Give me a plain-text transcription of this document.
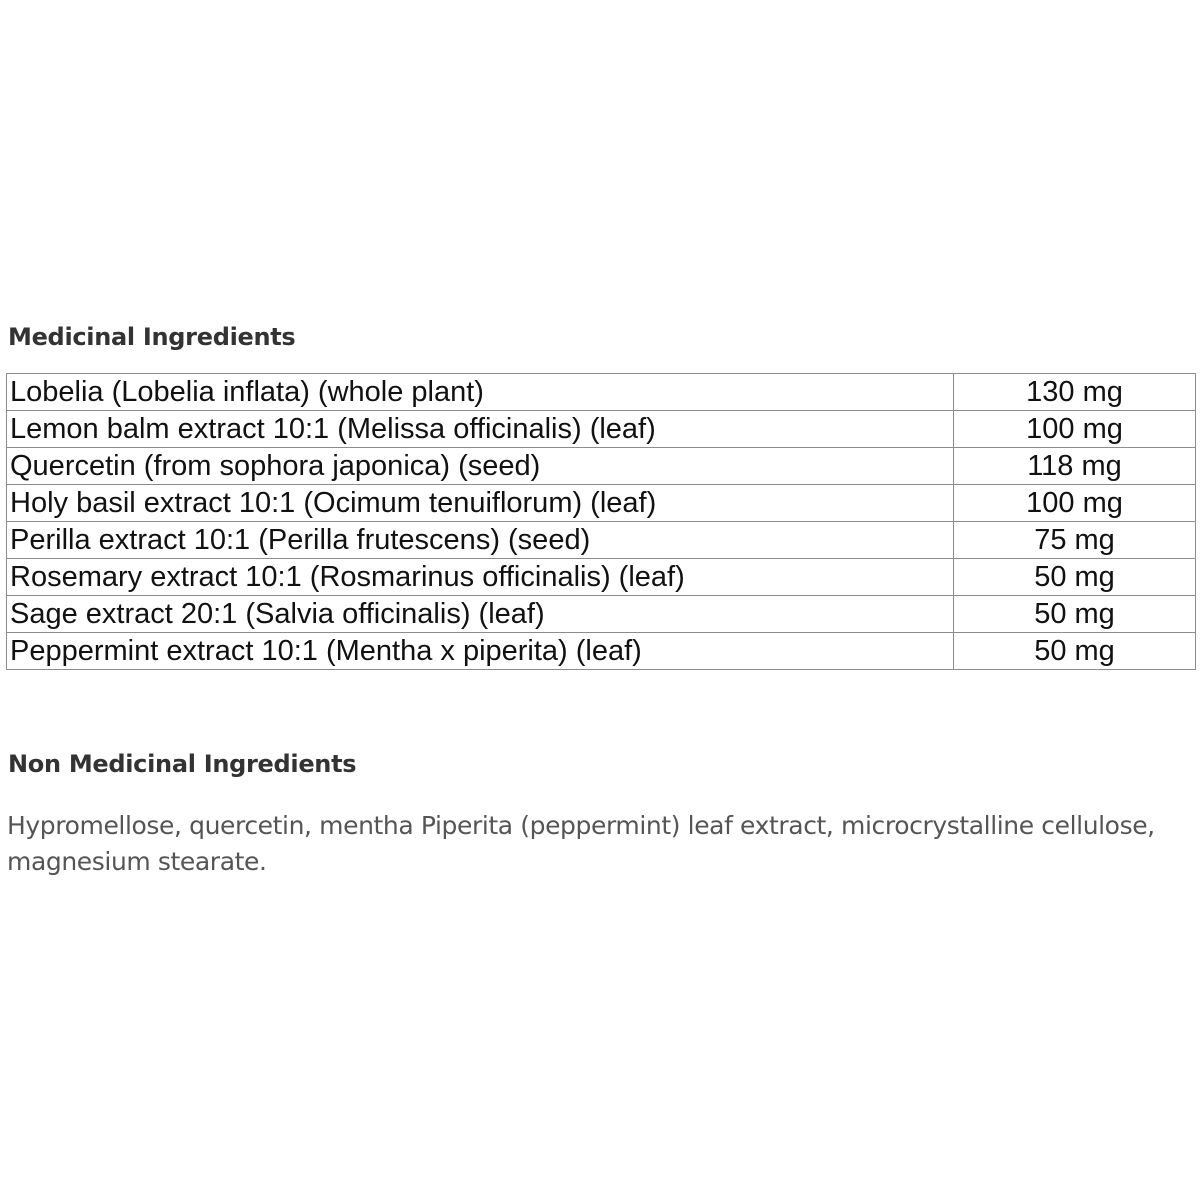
Medicinal Ingredients
Lobelia (Lobelia inflata) (whole plant)	130 mg
Lemon balm extract 10:1 (Melissa officinalis) (leaf)	100 mg
Quercetin (from sophora japonica) (seed)	118 mg
Holy basil extract 10:1 (Ocimum tenuiflorum) (leaf)	100 mg
Perilla extract 10:1 (Perilla frutescens) (seed)	75 mg
Rosemary extract 10:1 (Rosmarinus officinalis) (leaf)	50 mg
Sage extract 20:1 (Salvia officinalis) (leaf)	50 mg
Peppermint extract 10:1 (Mentha x piperita) (leaf)	50 mg
Non Medicinal Ingredients

Hypromellose, quercetin, mentha Piperita (peppermint) leaf extract, microcrystalline cellulose, magnesium stearate.
